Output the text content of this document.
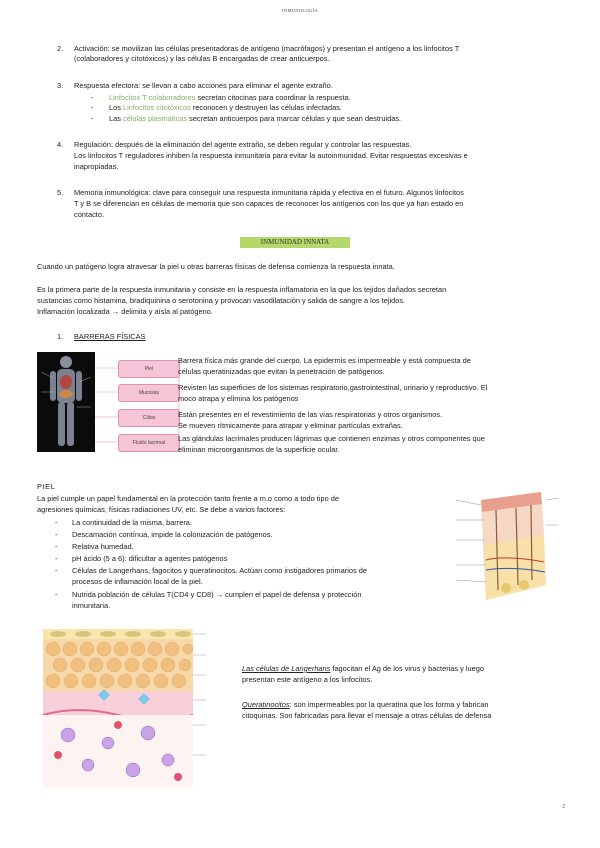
INMUNOLOGÍA
2.	Activación: se movilizan las células presentadoras de antígeno (macrófagos) y presentan el antígeno a los linfocitos T
(colaboradores y citotóxicos) y las células B encargadas de crear anticuerpos.
3.	Respuesta efectora: se llevan a cabo acciones para eliminar el agente extraño.
- Linfocitos T colaboradores secretan citocinas para coordinar la respuesta.
- Los Linfocitos citotóxicos reconocen y destruyen las células infectadas.
- Las células plasmáticas secretan anticuerpos para marcar células y que sean destruidas.
4.	Regulación: después de la eliminación del agente extraño, se deben regular y controlar las respuestas.
Los linfocitos T reguladores inhiben la respuesta inmunitaria para evitar la autoinmunidad. Evitar respuestas excesivas e
inapropiadas.
5.	Memoria inmunológica: clave para conseguir una respuesta inmunitaria rápida y efectiva en el futuro. Algunos linfocitos
T y B se diferencian en células de memoria que son capaces de reconocer los antígenos con los que ya han estado en
contacto.
INMUNIDAD INNATA
Cuando un patógeno logra atravesar la piel u otras barreras físicas de defensa comienza la respuesta innata.
Es la primera parte de la respuesta inmunitaria y consiste en la respuesta inflamatoria en la que los tejidos dañados secretan
sustancias como histamina, bradiquinina o serotonina y provocan vasodilatación y salida de sangre a los tejidos.
Inflamación localizada → delimita y aísla al patógeno.
1.	BARRERAS FÍSICAS
Piel
Mucosas
Cilios
Fluido lacrimal
Barrera física más grande del cuerpo. La epidermis es impermeable y está compuesta de
células queratinizadas que evitan la penetración de patógenos.
Revisten las superficies de los sistemas respiratorio,gastrointestinal, urinario y reproductivo. El
moco atrapa y elimina los patógenos
Están presentes en el revestimiento de las vías respiratorias y otros organismos.
Se mueven rítmicamente para atrapar y eliminar partículas extrañas.
Las glándulas lacrimales producen lágrimas que contienen enzimas y otros componentes que
eliminan microorganismos de la superficie ocular.
PIEL
La piel cumple un papel fundamental en la protección tanto frente a m.o como a todo tipo de
agresiones químicas, físicas radiaciones UV, etc. Se debe a varios factores:
- La continuidad de la misma, barrera.
- Descamación contínua, impide la colonización de patógenos.
- Relativa humedad.
- pH ácido (5 a 6): dificultar a agentes patógenos
- Células de Langerhans, fagocitos y queratinocitos. Actúan como instigadores primarios de
procesos de inflamación local de la piel.
- Nutrida población de células T(CD4 y CD8) → cumplen el papel de defensa y protección
inmunitaria.
Las células de Langerhans fagocitan el Ag de los virus y bacterias y luego
presentan este antígeno a los linfocitos.
Queratinocitos: son impermeables por la queratina que los forma y fabrican
citoquinas. Son fabricadas para llevar el mensaje a otras células de defensa
2
